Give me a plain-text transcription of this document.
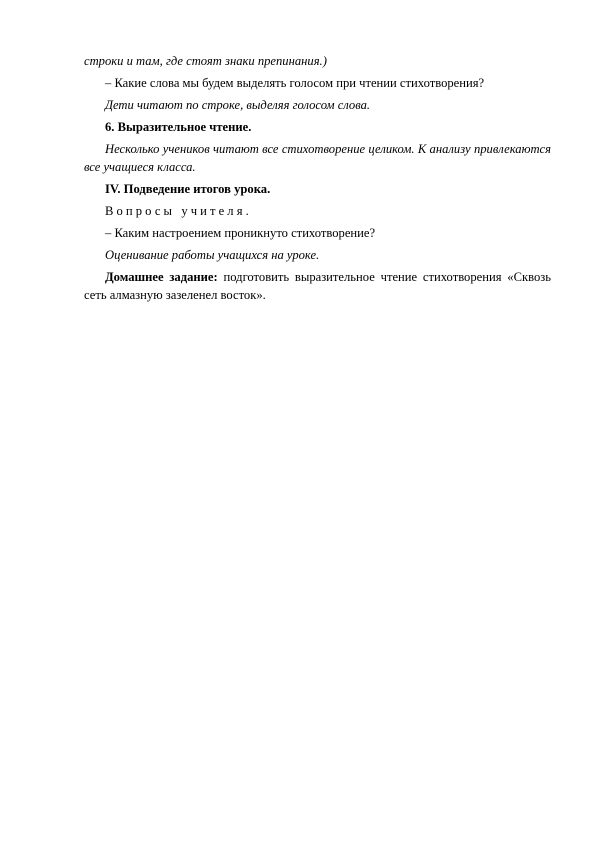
строки и там, где стоят знаки препинания.)

– Какие слова мы будем выделять голосом при чтении стихотворения?

Дети читают по строке, выделяя голосом слова.

6. Выразительное чтение.

Несколько учеников читают все стихотворение целиком. К анализу привлекаются все учащиеся класса.

IV. Подведение итогов урока.

Вопросы учителя.

– Каким настроением проникнуто стихотворение?

Оценивание работы учащихся на уроке.

Домашнее задание: подготовить выразительное чтение стихотворения «Сквозь сеть алмазную зазеленел восток».
